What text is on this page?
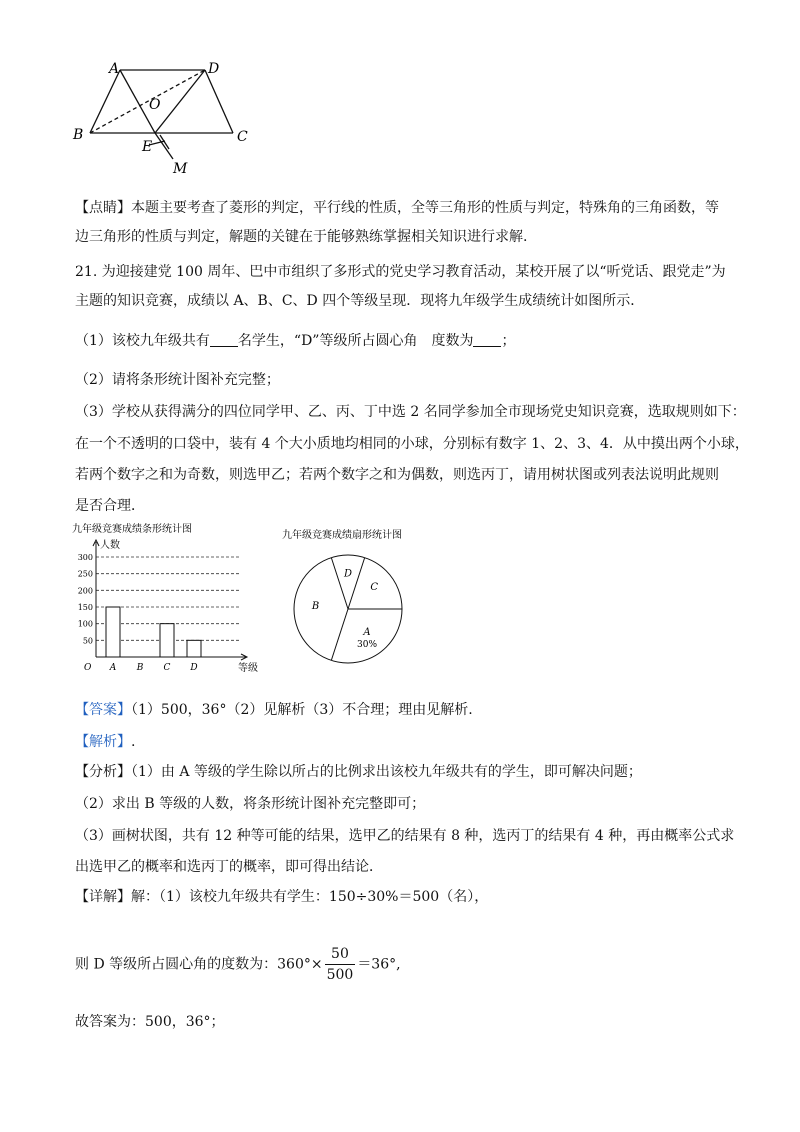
A	D
O
B
E
C
M
【点睛】本题主要考查了菱形的判定，平行线的性质，全等三角形的性质与判定，特殊角的三角函数，等
边三角形的性质与判定，解题的关键在于能够熟练掌握相关知识进行求解.
21. 为迎接建党 100 周年、巴中市组织了多形式的党史学习教育活动，某校开展了以“听党话、跟党走”为
主题的知识竞赛，成绩以 A、B、C、D 四个等级呈现．现将九年级学生成绩统计如图所示．
（1）该校九年级共有 名学生，“D”等级所占圆心角　度数为 ；
（2）请将条形统计图补充完整；
（3）学校从获得满分的四位同学甲、乙、丙、丁中选 2 名同学参加全市现场党史知识竞赛，选取规则如下：
在一个不透明的口袋中，装有 4 个大小质地均相同的小球，分别标有数字 1、2、3、4．从中摸出两个小球，
若两个数字之和为奇数，则选甲乙；若两个数字之和为偶数，则选丙丁，请用树状图或列表法说明此规则
是否合理．
九年级竞赛成绩条形统计图
50
100
150
200
250
300
人数
等级
O A B C D
九年级竞赛成绩扇形统计图
C
A
30%
B
D
【答案】（1）500，36°（2）见解析（3）不合理；理由见解析.
【解析】.
【分析】（1）由 A 等级的学生除以所占的比例求出该校九年级共有的学生，即可解决问题；
（2）求出 B 等级的人数，将条形统计图补充完整即可；
（3）画树状图，共有 12 种等可能的结果，选甲乙的结果有 8 种，选丙丁的结果有 4 种，再由概率公式求
出选甲乙的概率和选丙丁的概率，即可得出结论．
【详解】解：（1）该校九年级共有学生：150÷30%＝500（名），
则 D 等级所占圆心角的度数为：$360^\circ\times \frac{50}{500} =36^\circ$,
故答案为：500，36°；
